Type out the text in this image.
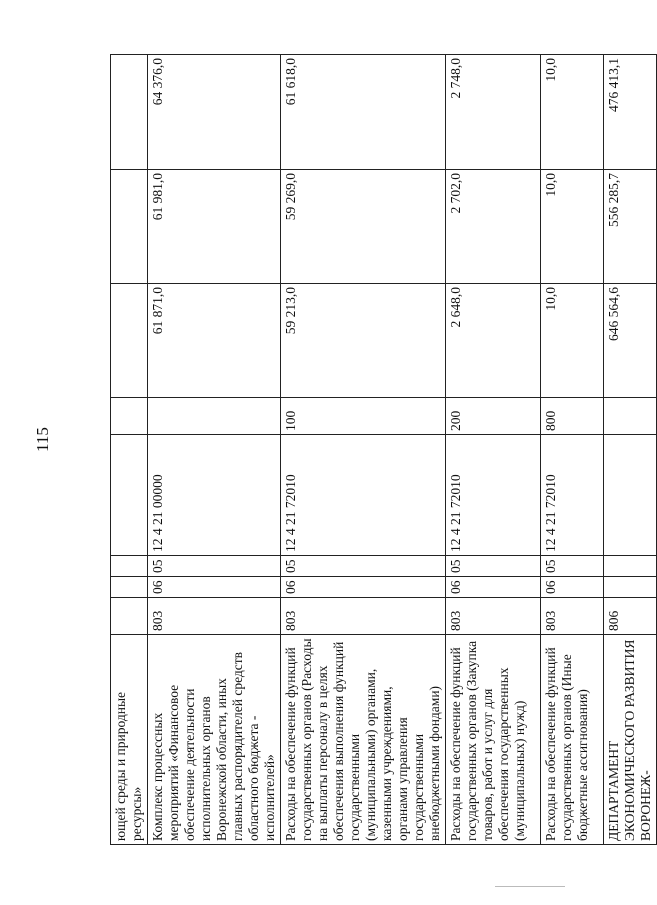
115
ющей среды и природные ресурсы»								
Комплекс процессных мероприятий «Финансовое обеспечение деятельности исполнительных органов Воронежской области, иных главных распорядителей средств областного бюджета - исполнителей»	803	06	05	12 4 21 00000		61 871,0	61 981,0	64 376,0
Расходы на обеспечение функций государственных органов (Расходы на выплаты персоналу в целях обеспечения выполнения функций государственными (муниципальными) органами, казенными учреждениями, органами управления государственными внебюджетными фондами)	803	06	05	12 4 21 72010	100	59 213,0	59 269,0	61 618,0
Расходы на обеспечение функций государственных органов (Закупка товаров, работ и услуг для обеспечения государственных (муниципальных) нужд)	803	06	05	12 4 21 72010	200	2 648,0	2 702,0	2 748,0
Расходы на обеспечение функций государственных органов (Иные бюджетные ассигнования)	803	06	05	12 4 21 72010	800	10,0	10,0	10,0
ДЕПАРТАМЕНТ ЭКОНОМИЧЕСКОГО РАЗВИТИЯ ВОРОНЕЖ-	806					646 564,6	556 285,7	476 413,1
